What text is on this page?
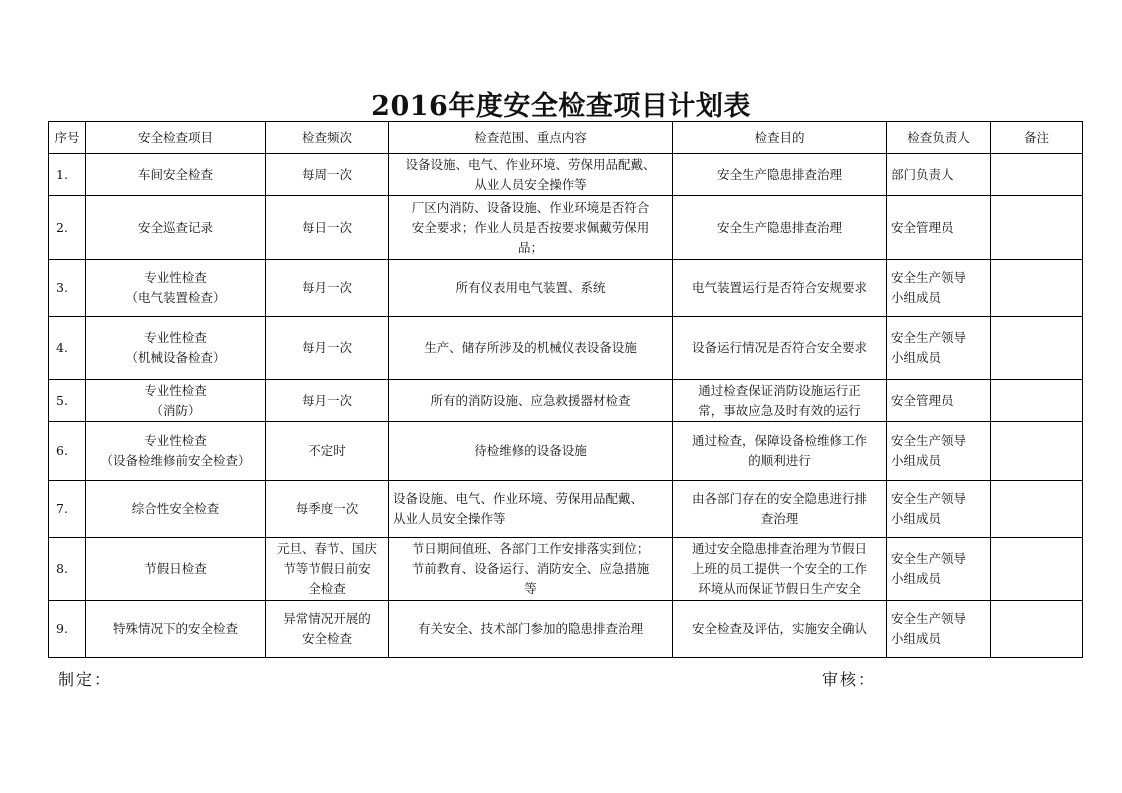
2016年度安全检查项目计划表
序号	安全检查项目	检查频次	检查范围、重点内容	检查目的	检查负责人	备注
1.	车间安全检查	每周一次	设备设施、电气、作业环境、劳保用品配戴、
从业人员安全操作等	安全生产隐患排查治理	部门负责人	

2.	安全巡查记录	每日一次	厂区内消防、设备设施、作业环境是否符合
安全要求；作业人员是否按要求佩戴劳保用
品；	安全生产隐患排查治理	安全管理员	

3.	专业性检查
（电气装置检查）	每月一次	所有仪表用电气装置、系统	电气装置运行是否符合安规要求	安全生产领导
小组成员	

4.	专业性检查
（机械设备检查）	每月一次	生产、储存所涉及的机械仪表设备设施	设备运行情况是否符合安全要求	安全生产领导
小组成员	

5.	专业性检查
（消防）	每月一次	所有的消防设施、应急救援器材检查	通过检查保证消防设施运行正
常，事故应急及时有效的运行	安全管理员	

6.	专业性检查
（设备检维修前安全检查）	不定时	待检维修的设备设施	通过检查，保障设备检维修工作
的顺利进行	安全生产领导
小组成员	

7.	综合性安全检查	每季度一次	设备设施、电气、作业环境、劳保用品配戴、
从业人员安全操作等	由各部门存在的安全隐患进行排
查治理	安全生产领导
小组成员	

8.	节假日检查	元旦、春节、国庆
节等节假日前安
全检查	节日期间值班、各部门工作安排落实到位；
节前教育、设备运行、消防安全、应急措施
等	通过安全隐患排查治理为节假日
上班的员工提供一个安全的工作
环境从而保证节假日生产安全	安全生产领导
小组成员	

9.	特殊情况下的安全检查	异常情况开展的
安全检查	有关安全、技术部门参加的隐患排查治理	安全检查及评估，实施安全确认	安全生产领导
小组成员	

制定：	审核：
